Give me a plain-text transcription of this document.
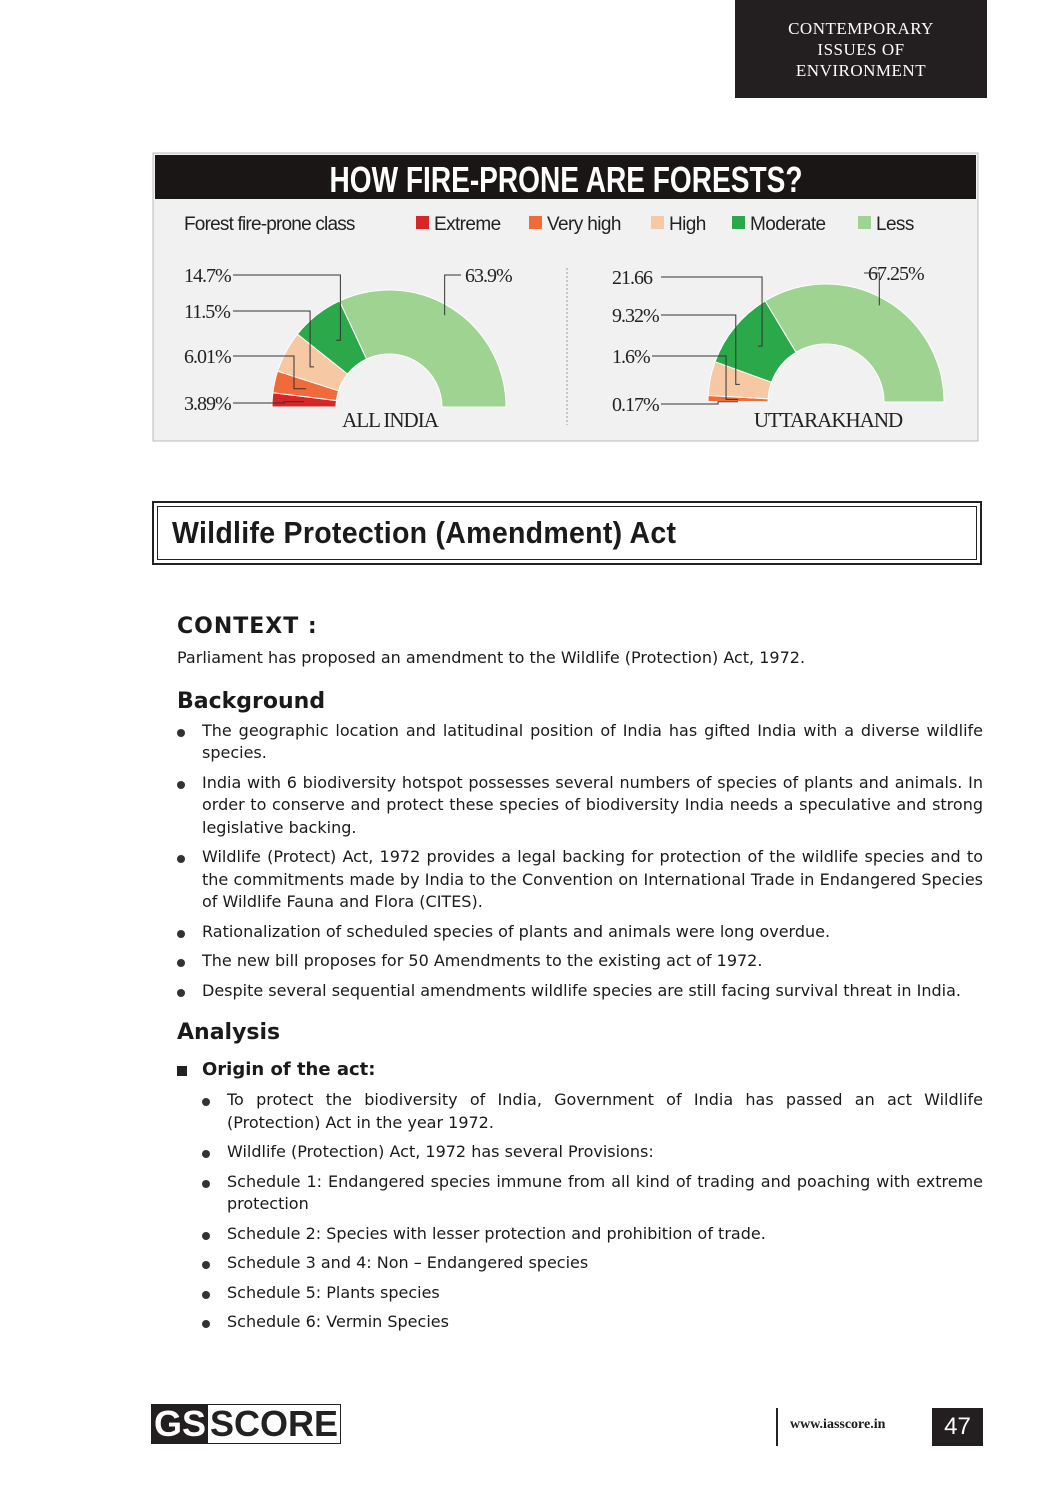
CONTEMPORARY
ISSUES OF
ENVIRONMENT
HOW FIRE-PRONE ARE FORESTS?
Forest fire-prone class	Extreme Very high	High Moderate	Less
3.89%
6.01%
11.5%
14.7%	63.9%
ALL INDIA
0.17%
1.6%
9.32%
21.66	67.25%
UTTARAKHAND
Wildlife Protection (Amendment) Act
CONTEXT :

Parliament has proposed an amendment to the Wildlife (Protection) Act, 1972.

Background
The geographic location and latitudinal position of India has gifted India with a diverse wildlife species.
India with 6 biodiversity hotspot possesses several numbers of species of plants and animals. In order to conserve and protect these species of biodiversity India needs a speculative and strong legislative backing.
Wildlife (Protect) Act, 1972 provides a legal backing for protection of the wildlife species and to the commitments made by India to the Convention on International Trade in Endangered Species of Wildlife Fauna and Flora (CITES).
Rationalization of scheduled species of plants and animals were long overdue.
The new bill proposes for 50 Amendments to the existing act of 1972.
Despite several sequential amendments wildlife species are still facing survival threat in India.
Analysis
Origin of the act:
To protect the biodiversity of India, Government of India has passed an act Wildlife (Protection) Act in the year 1972.
Wildlife (Protection) Act, 1972 has several Provisions:
Schedule 1: Endangered species immune from all kind of trading and poaching with extreme protection
Schedule 2: Species with lesser protection and prohibition of trade.
Schedule 3 and 4: Non – Endangered species
Schedule 5: Plants species
Schedule 6: Vermin Species
GS SCORE	www.iasscore.in	47
